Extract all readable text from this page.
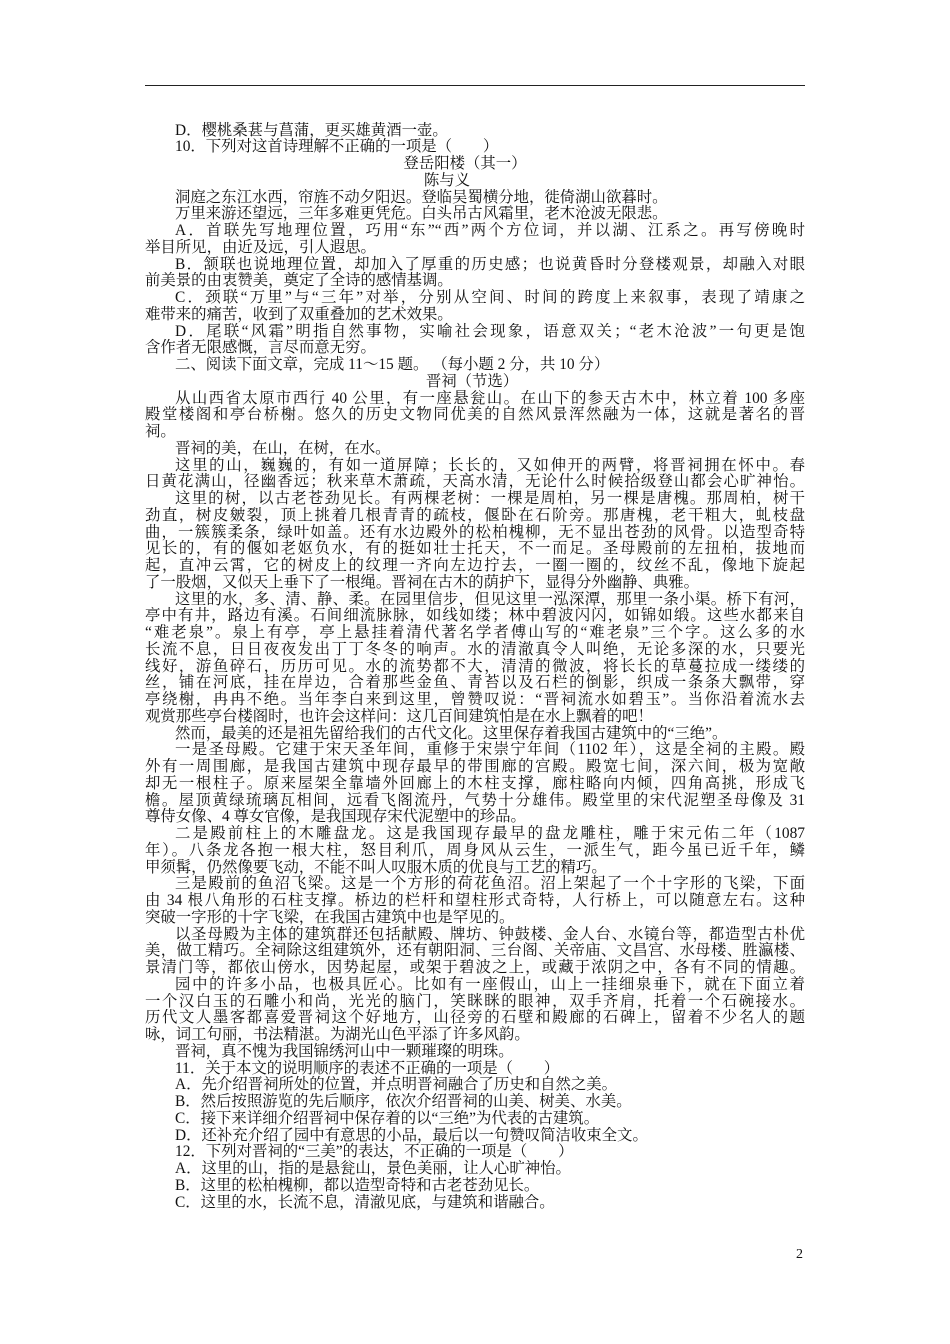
D．樱桃桑葚与菖蒲，更买雄黄酒一壶。
10．下列对这首诗理解不正确的一项是（　　）
登岳阳楼（其一）
陈与义
洞庭之东江水西，帘旌不动夕阳迟。登临吴蜀横分地，徙倚湖山欲暮时。
万里来游还望远，三年多难更凭危。白头吊古风霜里，老木沧波无限悲。
A．首联先写地理位置，巧用“东”“西”两个方位词，并以湖、江系之。再写傍晚时
举目所见，由近及远，引人遐思。
B．颔联也说地理位置，却加入了厚重的历史感；也说黄昏时分登楼观景，却融入对眼
前美景的由衷赞美，奠定了全诗的感情基调。
C．颈联“万里”与“三年”对举，分别从空间、时间的跨度上来叙事，表现了靖康之
难带来的痛苦，收到了双重叠加的艺术效果。
D．尾联“风霜”明指自然事物，实喻社会现象，语意双关；“老木沧波”一句更是饱
含作者无限感慨，言尽而意无穷。
二、阅读下面文章，完成 11～15 题。 （每小题 2 分，共 10 分）
晋祠（节选）
从山西省太原市西行 40 公里，有一座悬瓮山。在山下的参天古木中，林立着 100 多座
殿堂楼阁和亭台桥榭。悠久的历史文物同优美的自然风景浑然融为一体，这就是著名的晋
祠。
晋祠的美，在山，在树，在水。
这里的山，巍巍的，有如一道屏障；长长的，又如伸开的两臂，将晋祠拥在怀中。春
日黄花满山，径幽香远；秋来草木萧疏，天高水清，无论什么时候拾级登山都会心旷神怡。
这里的树，以古老苍劲见长。有两棵老树：一棵是周柏，另一棵是唐槐。那周柏，树干
劲直，树皮皴裂，顶上挑着几根青青的疏枝，偃卧在石阶旁。那唐槐，老干粗大，虬枝盘
曲，一簇簇柔条，绿叶如盖。还有水边殿外的松柏槐柳，无不显出苍劲的风骨。以造型奇特
见长的，有的偃如老妪负水，有的挺如壮士托天，不一而足。圣母殿前的左扭柏，拔地而
起，直冲云霄，它的树皮上的纹理一齐向左边拧去，一圈一圈的，纹丝不乱，像地下旋起
了一股烟，又似天上垂下了一根绳。晋祠在古木的荫护下，显得分外幽静、典雅。
这里的水，多、清、静、柔。在园里信步，但见这里一泓深潭，那里一条小渠。桥下有河，
亭中有井，路边有溪。石间细流脉脉，如线如缕；林中碧波闪闪，如锦如缎。这些水都来自
“难老泉”。泉上有亭，亭上悬挂着清代著名学者傅山写的“难老泉”三个字。这么多的水
长流不息，日日夜夜发出丁丁冬冬的响声。水的清澈真令人叫绝，无论多深的水，只要光
线好，游鱼碎石，历历可见。水的流势都不大，清清的微波，将长长的草蔓拉成一缕缕的
丝，铺在河底，挂在岸边，合着那些金鱼、青苔以及石栏的倒影，织成一条条大飘带，穿
亭绕榭，冉冉不绝。当年李白来到这里，曾赞叹说：“晋祠流水如碧玉”。当你沿着流水去
观赏那些亭台楼阁时，也许会这样问：这几百间建筑怕是在水上飘着的吧！
然而，最美的还是祖先留给我们的古代文化。这里保存着我国古建筑中的“三绝”。
一是圣母殿。它建于宋天圣年间，重修于宋崇宁年间（1102 年），这是全祠的主殿。殿
外有一周围廊，是我国古建筑中现存最早的带围廊的宫殿。殿宽七间，深六间，极为宽敞
却无一根柱子。原来屋架全靠墙外回廊上的木柱支撑，廊柱略向内倾，四角高挑，形成飞
檐。屋顶黄绿琉璃瓦相间，远看飞阁流丹，气势十分雄伟。殿堂里的宋代泥塑圣母像及 31
尊侍女像、4 尊女官像，是我国现存宋代泥塑中的珍品。
二是殿前柱上的木雕盘龙。这是我国现存最早的盘龙雕柱，雕于宋元佑二年（1087
年）。八条龙各抱一根大柱，怒目利爪，周身风从云生，一派生气，距今虽已近千年，鳞
甲须髯，仍然像要飞动，不能不叫人叹服木质的优良与工艺的精巧。
三是殿前的鱼沼飞梁。这是一个方形的荷花鱼沼。沼上架起了一个十字形的飞梁，下面
由 34 根八角形的石柱支撑。桥边的栏杆和望柱形式奇特，人行桥上，可以随意左右。这种
突破一字形的十字飞梁，在我国古建筑中也是罕见的。
以圣母殿为主体的建筑群还包括献殿、牌坊、钟鼓楼、金人台、水镜台等，都造型古朴优
美，做工精巧。全祠除这组建筑外，还有朝阳洞、三台阁、关帝庙、文昌宫、水母楼、胜瀛楼、
景清门等，都依山傍水，因势起屋，或架于碧波之上，或藏于浓阴之中，各有不同的情趣。
园中的许多小品，也极具匠心。比如有一座假山，山上一挂细泉垂下，就在下面立着
一个汉白玉的石雕小和尚，光光的脑门，笑眯眯的眼神，双手齐肩，托着一个石碗接水。
历代文人墨客都喜爱晋祠这个好地方，山径旁的石壁和殿廊的石碑上，留着不少名人的题
咏，词工句丽，书法精湛。为湖光山色平添了许多风韵。
晋祠，真不愧为我国锦绣河山中一颗璀璨的明珠。
11．关于本文的说明顺序的表述不正确的一项是（　　）
A．先介绍晋祠所处的位置，并点明晋祠融合了历史和自然之美。
B．然后按照游览的先后顺序，依次介绍晋祠的山美、树美、水美。
C．接下来详细介绍晋祠中保存着的以“三绝”为代表的古建筑。
D．还补充介绍了园中有意思的小品，最后以一句赞叹简洁收束全文。
12．下列对晋祠的“三美”的表达，不正确的一项是（　　）
A．这里的山，指的是悬瓮山，景色美丽，让人心旷神怡。
B．这里的松柏槐柳，都以造型奇特和古老苍劲见长。
C．这里的水，长流不息，清澈见底，与建筑和谐融合。
2
